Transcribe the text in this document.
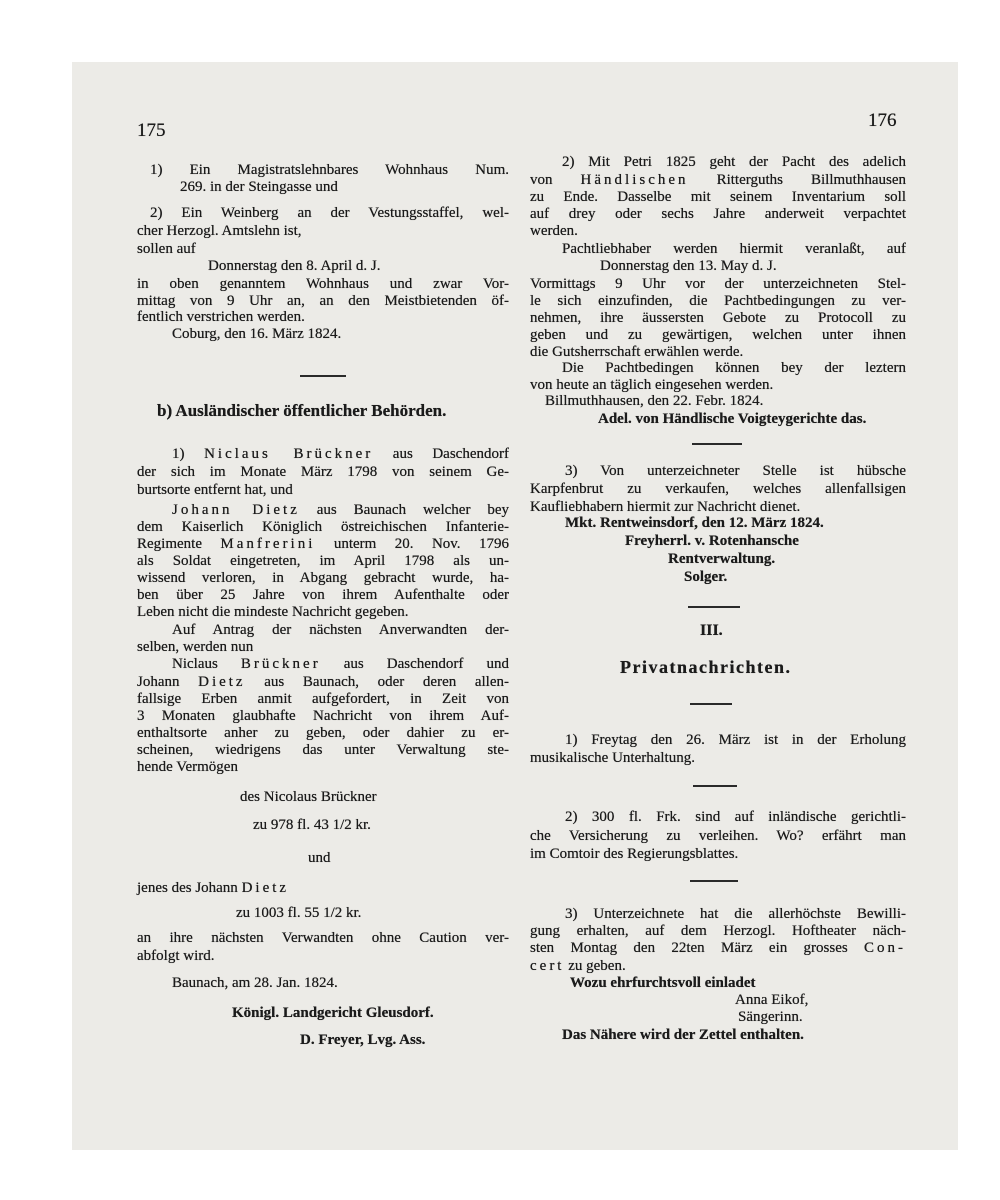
175	176
1) Ein Magistratslehnbares Wohnhaus Num.
269. in der Steingasse und
2) Ein Weinberg an der Vestungsstaffel, wel-
cher Herzogl. Amtslehn ist,
sollen auf
Donnerstag den 8. April d. J.
in oben genanntem Wohnhaus und zwar Vor-
mittag von 9 Uhr an, an den Meistbietenden öf-
fentlich verstrichen werden.
Coburg, den 16. März 1824.
b) Ausländischer öffentlicher Behörden.
1) Niclaus Brückner aus Daschendorf
der sich im Monate März 1798 von seinem Ge-
burtsorte entfernt hat, und
Johann Dietz aus Baunach welcher bey
dem Kaiserlich Königlich östreichischen Infanterie-
Regimente Manfrerini unterm 20. Nov. 1796
als Soldat eingetreten, im April 1798 als un-
wissend verloren, in Abgang gebracht wurde, ha-
ben über 25 Jahre von ihrem Aufenthalte oder
Leben nicht die mindeste Nachricht gegeben.
Auf Antrag der nächsten Anverwandten der-
selben, werden nun
Niclaus Brückner aus Daschendorf und
Johann Dietz aus Baunach, oder deren allen-
fallsige Erben anmit aufgefordert, in Zeit von
3 Monaten glaubhafte Nachricht von ihrem Auf-
enthaltsorte anher zu geben, oder dahier zu er-
scheinen, wiedrigens das unter Verwaltung ste-
hende Vermögen
des Nicolaus Brückner
zu 978 fl. 43 1/2 kr.
und
jenes des Johann Dietz
zu 1003 fl. 55 1/2 kr.
an ihre nächsten Verwandten ohne Caution ver-
abfolgt wird.
Baunach, am 28. Jan. 1824.
Königl. Landgericht Gleusdorf.
D. Freyer, Lvg. Ass.
2) Mit Petri 1825 geht der Pacht des adelich
von Händlischen Ritterguths Billmuthhausen
zu Ende. Dasselbe mit seinem Inventarium soll
auf drey oder sechs Jahre anderweit verpachtet
werden.
Pachtliebhaber werden hiermit veranlaßt, auf
Donnerstag den 13. May d. J.
Vormittags 9 Uhr vor der unterzeichneten Stel-
le sich einzufinden, die Pachtbedingungen zu ver-
nehmen, ihre äussersten Gebote zu Protocoll zu
geben und zu gewärtigen, welchen unter ihnen
die Gutsherrschaft erwählen werde.
Die Pachtbedingen können bey der leztern
von heute an täglich eingesehen werden.
Billmuthhausen, den 22. Febr. 1824.
Adel. von Händlische Voigteygerichte das.
3) Von unterzeichneter Stelle ist hübsche
Karpfenbrut zu verkaufen, welches allenfallsigen
Kaufliebhabern hiermit zur Nachricht dienet.
Mkt. Rentweinsdorf, den 12. März 1824.
Freyherrl. v. Rotenhansche
Rentverwaltung.
Solger.
III.
Privatnachrichten.
1) Freytag den 26. März ist in der Erholung
musikalische Unterhaltung.
2) 300 fl. Frk. sind auf inländische gerichtli-
che Versicherung zu verleihen. Wo? erfährt man
im Comtoir des Regierungsblattes.
3) Unterzeichnete hat die allerhöchste Bewilli-
gung erhalten, auf dem Herzogl. Hoftheater näch-
sten Montag den 22ten März ein grosses Con-
cert zu geben.
Wozu ehrfurchtsvoll einladet
Anna Eikof,
Sängerinn.
Das Nähere wird der Zettel enthalten.
